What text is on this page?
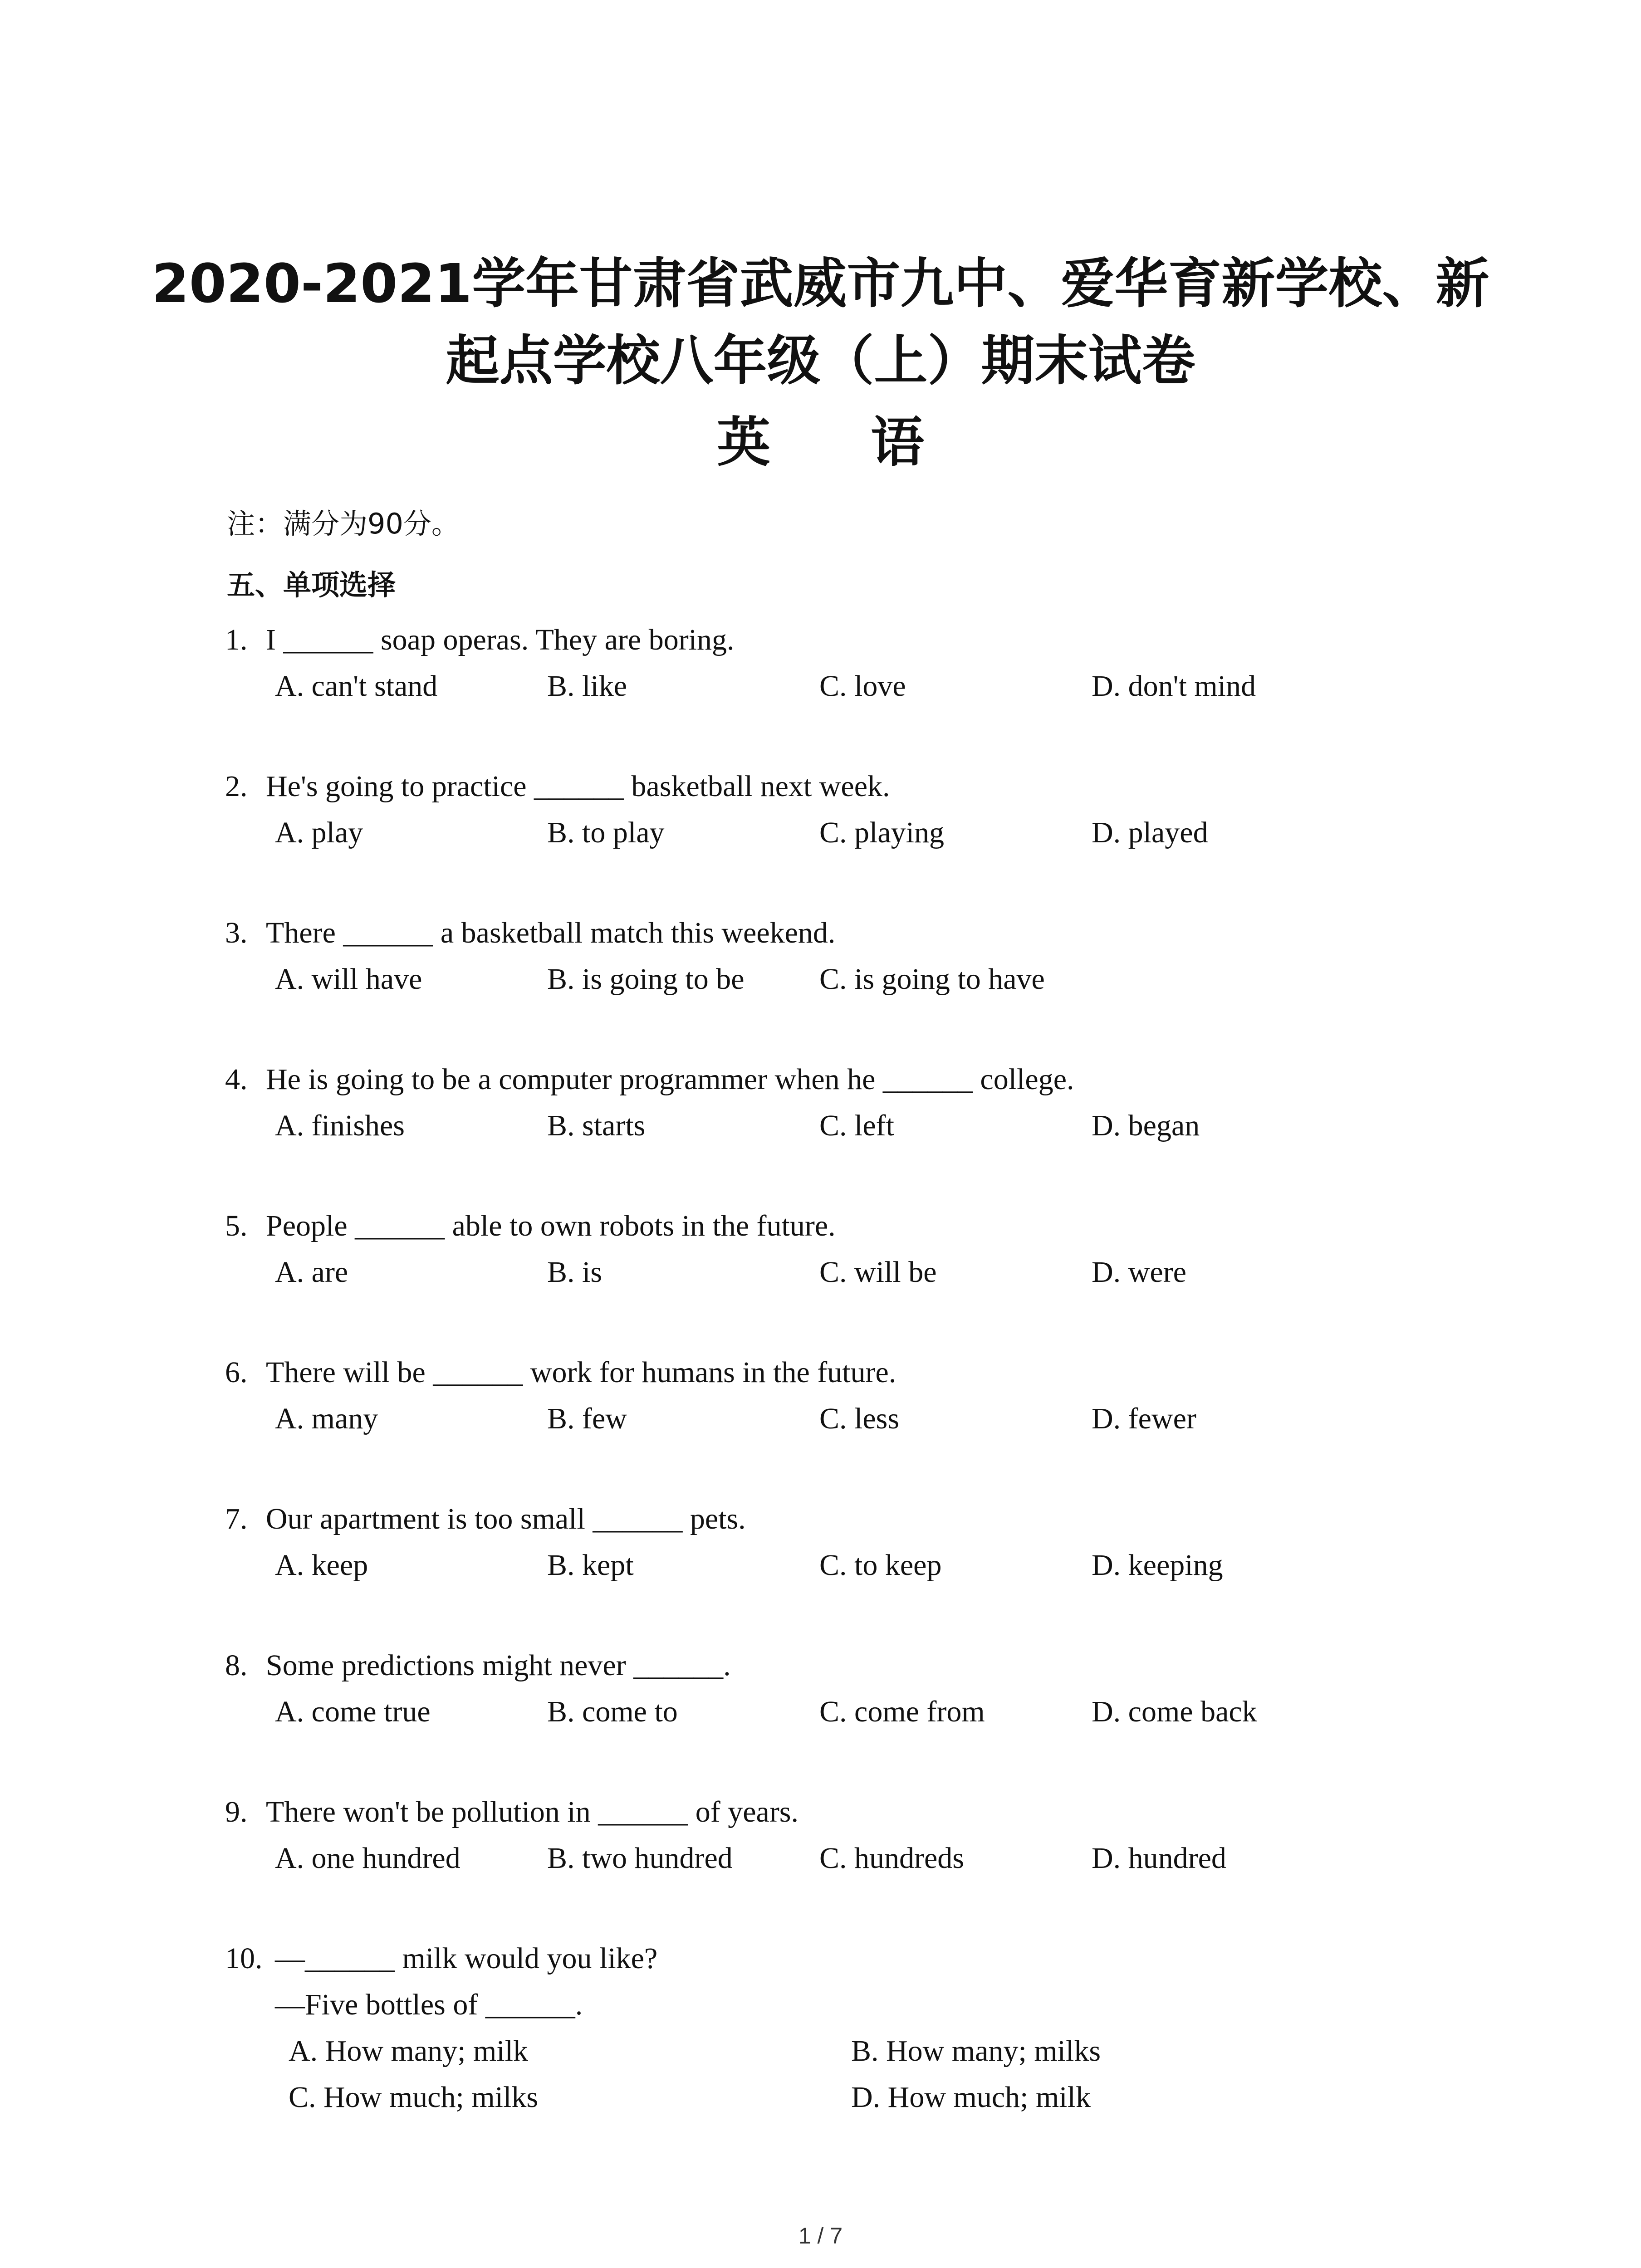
2020-2021学年甘肃省武威市九中、爱华育新学校、新
起点学校八年级（上）期末试卷
英 语
注：满分为90分。
五、单项选择
1. I ______ soap operas. They are boring.
A. can't stand	B. like	C. love	D. don't mind
2. He's going to practice ______ basketball next week.
A. play	B. to play	C. playing	D. played
3. There ______ a basketball match this weekend.
A. will have	B. is going to be	C. is going to have
4. He is going to be a computer programmer when he ______ college.
A. finishes	B. starts	C. left	D. began
5. People ______ able to own robots in the future.
A. are	B. is	C. will be	D. were
6. There will be ______ work for humans in the future.
A. many	B. few	C. less	D. fewer
7. Our apartment is too small ______ pets.
A. keep	B. kept	C. to keep	D. keeping
8. Some predictions might never ______.
A. come true	B. come to	C. come from	D. come back
9. There won't be pollution in ______ of years.
A. one hundred	B. two hundred	C. hundreds	D. hundred
10. —______ milk would you like?
—Five bottles of ______.
A. How many; milk	B. How many; milks
C. How much; milks	D. How much; milk
1 / 7
